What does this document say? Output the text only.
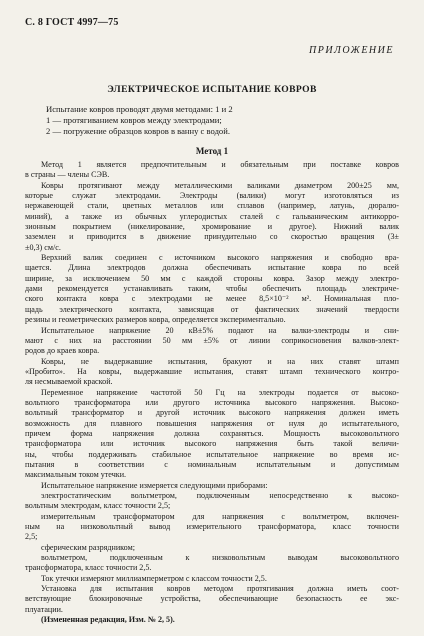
С. 8 ГОСТ 4997—75
ПРИЛОЖЕНИЕ
ЭЛЕКТРИЧЕСКОЕ ИСПЫТАНИЕ КОВРОВ
Испытание ковров проводят двумя методами: 1 и 2
1 — протягиванием ковров между электродами;
2 — погружение образцов ковров в ванну с водой.
Метод 1
Метод 1 является предпочтительным и обязательным при поставке ковров
в страны — члены СЭВ.
Ковры протягивают между металлическими валиками диаметром 200±25 мм,
которые служат электродами. Электроды (валики) могут изготовляться из
нержавеющей стали, цветных металлов или сплавов (например, латунь, дюралю-
миний), а также из обычных углеродистых сталей с гальваническим антикорро-
зионным покрытием (никелирование, хромирование и другое). Нижний валик
заземлен и приводится в движение принудительно со скоростью вращения (3±
±0,3) см/с.
Верхний валик соединен с источником высокого напряжения и свободно вра-
щается. Длина электродов должна обеспечивать испытание ковра по всей
ширине, за исключением 50 мм с каждой стороны ковра. Зазор между электро-
дами рекомендуется устанавливать таким, чтобы обеспечить площадь электриче-
ского контакта ковра с электродами не менее 8,5×10⁻² м². Номинальная пло-
щадь электрического контакта, зависящая от фактических значений твердости
резины и геометрических размеров ковра, определяется экспериментально.
Испытательное напряжение 20 кВ±5% подают на валки-электроды и сни-
мают с них на расстоянии 50 мм ±5% от линии соприкосновения валков-элект-
родов до краев ковра.
Ковры, не выдержавшие испытания, бракуют и на них ставят штамп
«Пробито». На ковры, выдержавшие испытания, ставят штамп технического контро-
ля несмываемой краской.
Переменное напряжение частотой 50 Гц на электроды подается от высоко-
вольтного трансформатора или другого источника высокого напряжения. Высоко-
вольтный трансформатор и другой источник высокого напряжения должен иметь
возможность для плавного повышения напряжения от нуля до испытательного,
причем форма напряжения должна сохраняться. Мощность высоковольтного
трансформатора или источник высокого напряжения быть такой величи-
ны, чтобы поддерживать стабильное испытательное напряжение во время ис-
пытания в соответствии с номинальным испытательным и допустимым
максимальным током утечки.
Испытательное напряжение измеряется следующими приборами:
электростатическим вольтметром, подключенным непосредственно к высоко-
вольтным электродам, класс точности 2,5;
измерительным трансформатором для напряжения с вольтметром, включен-
ным на низковольтный вывод измерительного трансформатора, класс точности
2,5;
сферическим разрядником;
вольтметром, подключенным к низковольтным выводам высоковольтного
трансформатора, класс точности 2,5.
Ток утечки измеряют миллиамперметром с классом точности 2,5.
Установка для испытания ковров методом протягивания должна иметь соот-
ветствующие блокировочные устройства, обеспечивающие безопасность ее экс-
плуатации.
(Измененная редакция, Изм. № 2, 5).
